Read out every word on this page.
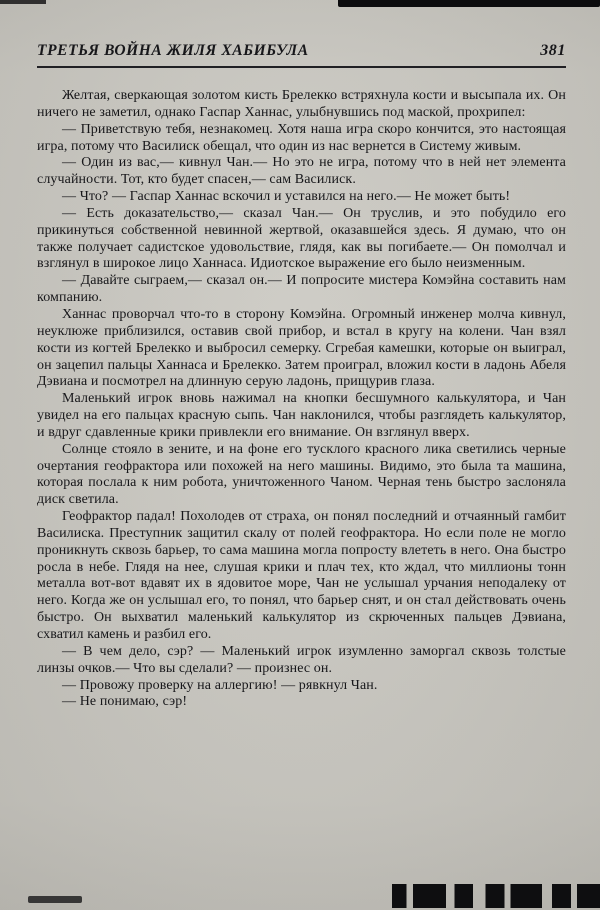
ТРЕТЬЯ ВОЙНА ЖИЛЯ ХАБИБУЛА	381

Желтая, сверкающая золотом кисть Брелекко встряхнула кости и высыпала их. Он ничего не заметил, однако Гаспар Ханнас, улыбнувшись под маской, прохрипел:

— Приветствую тебя, незнакомец. Хотя наша игра скоро кончится, это настоящая игра, потому что Василиск обещал, что один из нас вернется в Систему живым.

— Один из вас,— кивнул Чан.— Но это не игра, потому что в ней нет элемента случайности. Тот, кто будет спасен,— сам Василиск.

— Что? — Гаспар Ханнас вскочил и уставился на него.— Не может быть!

— Есть доказательство,— сказал Чан.— Он труслив, и это побудило его прикинуться собственной невинной жертвой, оказавшейся здесь. Я думаю, что он также получает садистское удовольствие, глядя, как вы погибаете.— Он помолчал и взглянул в широкое лицо Ханнаса. Идиотское выражение его было неизменным.

— Давайте сыграем,— сказал он.— И попросите мистера Комэйна составить нам компанию.

Ханнас проворчал что-то в сторону Комэйна. Огромный инженер молча кивнул, неуклюже приблизился, оставив свой прибор, и встал в кругу на колени. Чан взял кости из когтей Брелекко и выбросил семерку. Сгребая камешки, которые он выиграл, он зацепил пальцы Ханнаса и Брелекко. Затем проиграл, вложил кости в ладонь Абеля Дэвиана и посмотрел на длинную серую ладонь, прищурив глаза.

Маленький игрок вновь нажимал на кнопки бесшумного калькулятора, и Чан увидел на его пальцах красную сыпь. Чан наклонился, чтобы разглядеть калькулятор, и вдруг сдавленные крики привлекли его внимание. Он взглянул вверх.

Солнце стояло в зените, и на фоне его тусклого красного лика светились черные очертания геофрактора или похожей на него машины. Видимо, это была та машина, которая послала к ним робота, уничтоженного Чаном. Черная тень быстро заслоняла диск светила.

Геофрактор падал! Похолодев от страха, он понял последний и отчаянный гамбит Василиска. Преступник защитил скалу от полей геофрактора. Но если поле не могло проникнуть сквозь барьер, то сама машина могла попросту влететь в него. Она быстро росла в небе. Глядя на нее, слушая крики и плач тех, кто ждал, что миллионы тонн металла вот-вот вдавят их в ядовитое море, Чан не услышал урчания неподалеку от него. Когда же он услышал его, то понял, что барьер снят, и он стал действовать очень быстро. Он выхватил маленький калькулятор из скрюченных пальцев Дэвиана, схватил камень и разбил его.

— В чем дело, сэр? — Маленький игрок изумленно заморгал сквозь толстые линзы очков.— Что вы сделали? — произнес он.

— Провожу проверку на аллергию! — рявкнул Чан.

— Не понимаю, сэр!
